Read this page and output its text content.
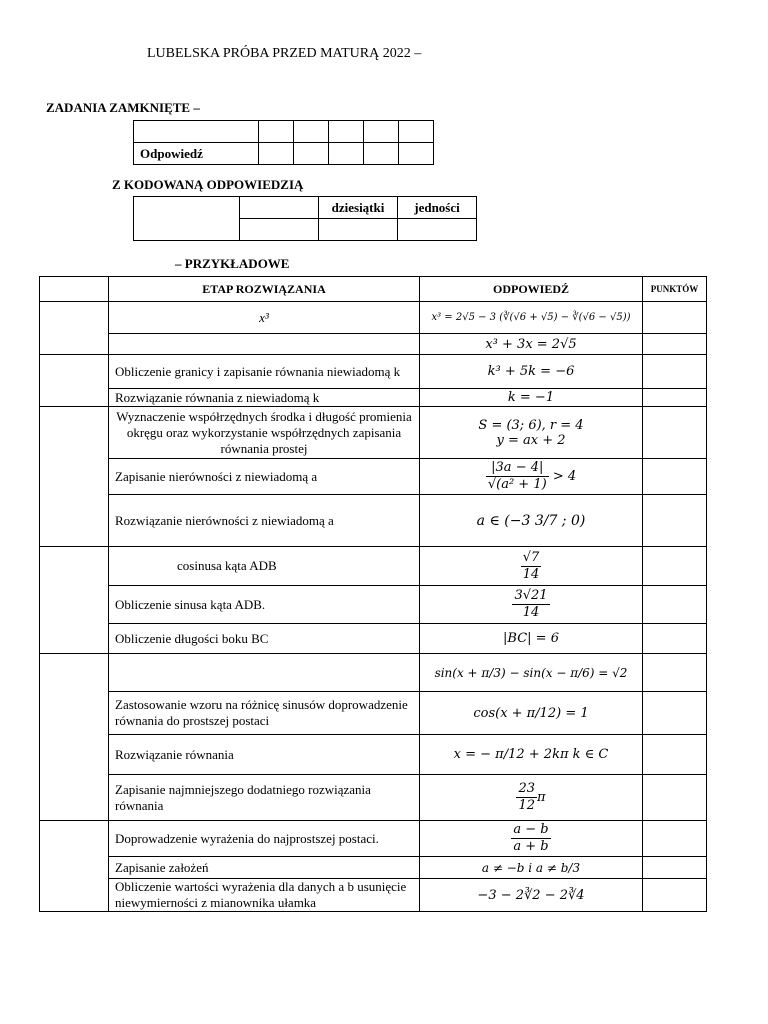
LUBELSKA PRÓBA PRZED MATURĄ 2022 –
ZADANIA ZAMKNIĘTE –

Odpowiedź					
Z KODOWANĄ ODPOWIEDZIĄ
		dziesiątki	jedności

– PRZYKŁADOWE
	ETAP ROZWIĄZANIA	ODPOWIEDŹ	PUNKTÓW
	x³	x³ = 2√5 − 3 (∛(√6 + √5) − ∛(√6 − √5))	
		x³ + 3x = 2√5	
	Obliczenie granicy i zapisanie równania niewiadomą k	k³ + 5k = −6	
	Rozwiązanie równania z niewiadomą k	k = −1	
	Wyznaczenie współrzędnych środka i długość promienia okręgu oraz wykorzystanie współrzędnych zapisania równania prostej	S = (3; 6), r = 4
y = ax + 2	

	Zapisanie nierówności z niewiadomą a	$\frac{|3a - 4|}{\text{√(a² + 1)}} > 4$	
	Rozwiązanie nierówności z niewiadomą a	a ∈ (−3 3/7 ; 0)	
	cosinusa kąta ADB	$\frac{√7}{14}$

	Obliczenie sinusa kąta ADB.	$\frac{3√21}{14}$

	Obliczenie długości boku BC	|BC| = 6	
		sin(x + π/3) − sin(x − π/6) = √2	
	Zastosowanie wzoru na różnicę sinusów doprowadzenie równania do prostszej postaci	cos(x + π/12) = 1	
	Rozwiązanie równania	x = − π/12 + 2kπ k ∈ C	
	Zapisanie najmniejszego dodatniego rozwiązania równania	$\frac{23}{12}$ π	
	Doprowadzenie wyrażenia do najprostszej postaci.	$\frac{a - b}{a + b}$

	Zapisanie założeń	a ≠ −b i a ≠ b/3	
	Obliczenie wartości wyrażenia dla danych a b usunięcie niewymierności z mianownika ułamka	−3 − 2∛2 − 2∛4	
